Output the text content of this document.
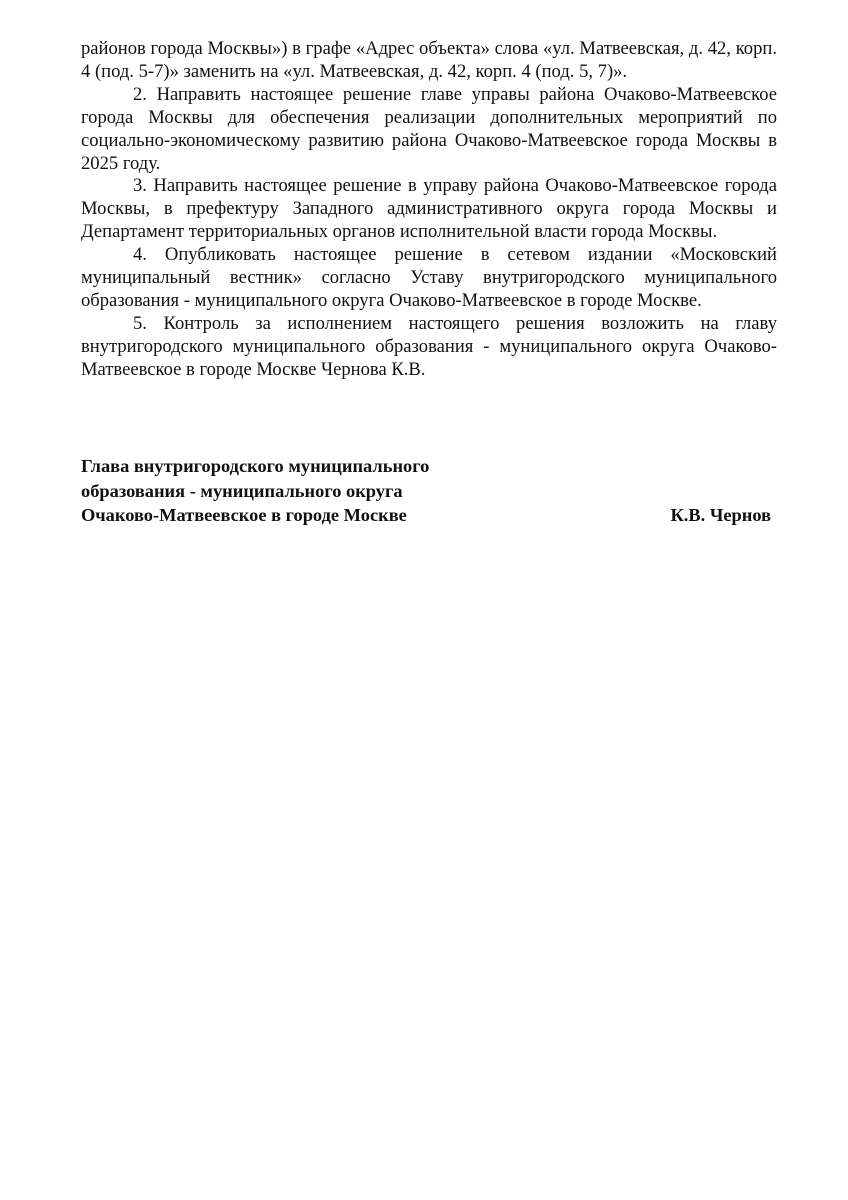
районов города Москвы») в графе «Адрес объекта» слова «ул. Матвеевская, д. 42, корп. 4 (под. 5-7)» заменить на «ул. Матвеевская, д. 42, корп. 4 (под. 5, 7)».

2. Направить настоящее решение главе управы района Очаково-Матвеевское города Москвы для обеспечения реализации дополнительных мероприятий по социально-экономическому развитию района Очаково-Матвеевское города Москвы в 2025 году.

3. Направить настоящее решение в управу района Очаково-Матвеевское города Москвы, в префектуру Западного административного округа города Москвы и Департамент территориальных органов исполнительной власти города Москвы.

4. Опубликовать настоящее решение в сетевом издании «Московский муниципальный вестник» согласно Уставу внутригородского муниципального образования - муниципального округа Очаково-Матвеевское в городе Москве.

5. Контроль за исполнением настоящего решения возложить на главу внутригородского муниципального образования - муниципального округа Очаково-Матвеевское в городе Москве Чернова К.В.

Глава внутригородского муниципального
образования - муниципального округа
Очаково-Матвеевское в городе Москве	К.В. Чернов
